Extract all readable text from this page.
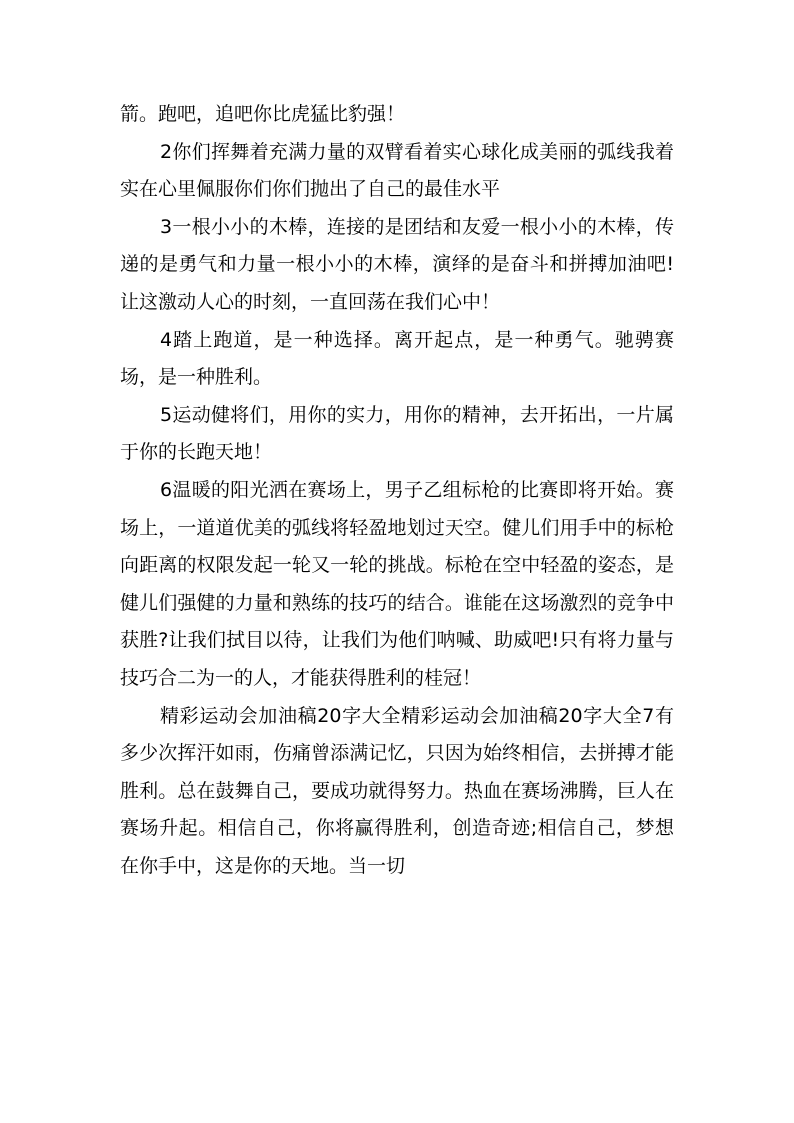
箭。跑吧，追吧你比虎猛比豹强！

2你们挥舞着充满力量的双臂看着实心球化成美丽的弧线我着实在心里佩服你们你们抛出了自己的最佳水平

3一根小小的木棒，连接的是团结和友爱一根小小的木棒，传递的是勇气和力量一根小小的木棒，演绎的是奋斗和拼搏加油吧!让这激动人心的时刻，一直回荡在我们心中！

4踏上跑道，是一种选择。离开起点，是一种勇气。驰骋赛场，是一种胜利。

5运动健将们，用你的实力，用你的精神，去开拓出，一片属于你的长跑天地！

6温暖的阳光洒在赛场上，男子乙组标枪的比赛即将开始。赛场上，一道道优美的弧线将轻盈地划过天空。健儿们用手中的标枪向距离的权限发起一轮又一轮的挑战。标枪在空中轻盈的姿态，是健儿们强健的力量和熟练的技巧的结合。谁能在这场激烈的竞争中获胜?让我们拭目以待，让我们为他们呐喊、助威吧!只有将力量与技巧合二为一的人，才能获得胜利的桂冠！

精彩运动会加油稿20字大全精彩运动会加油稿20字大全7有多少次挥汗如雨，伤痛曾添满记忆，只因为始终相信，去拼搏才能胜利。总在鼓舞自己，要成功就得努力。热血在赛场沸腾，巨人在赛场升起。相信自己，你将赢得胜利，创造奇迹;相信自己，梦想在你手中，这是你的天地。当一切
